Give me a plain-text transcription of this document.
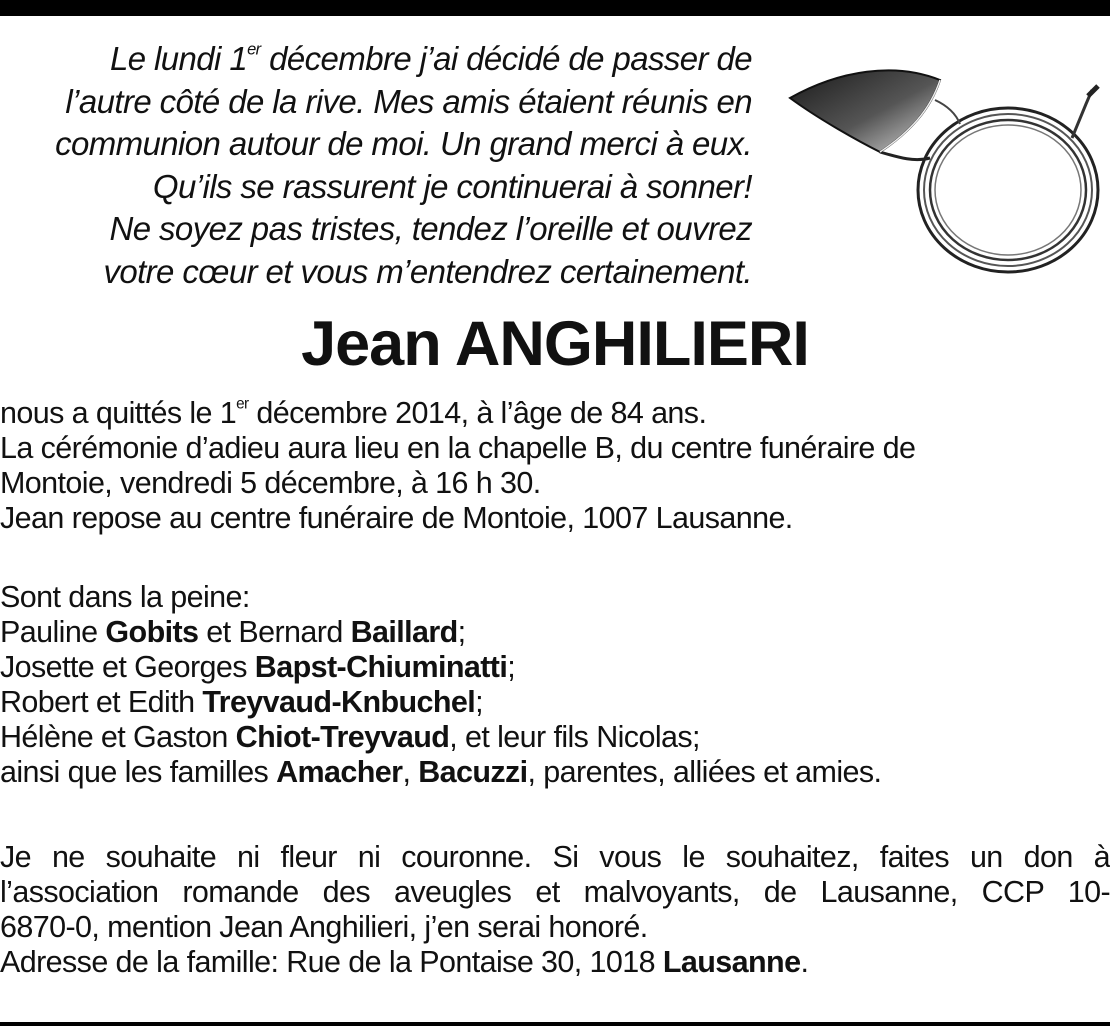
Le lundi 1er décembre j’ai décidé de passer de
l’autre côté de la rive. Mes amis étaient réunis en
communion autour de moi. Un grand merci à eux.
Qu’ils se rassurent je continuerai à sonner!
Ne soyez pas tristes, tendez l’oreille et ouvrez
votre cœur et vous m’entendrez certainement.
Jean ANGHILIERI
nous a quittés le 1er décembre 2014, à l’âge de 84 ans.
La cérémonie d’adieu aura lieu en la chapelle B, du centre funéraire de
Montoie, vendredi 5 décembre, à 16 h 30.
Jean repose au centre funéraire de Montoie, 1007 Lausanne.
Sont dans la peine:
Pauline Gobits et Bernard Baillard;
Josette et Georges Bapst-Chiuminatti;
Robert et Edith Treyvaud-Knbuchel;
Hélène et Gaston Chiot-Treyvaud, et leur fils Nicolas;
ainsi que les familles Amacher, Bacuzzi, parentes, alliées et amies.
Je ne souhaite ni fleur ni couronne. Si vous le souhaitez, faites un don à
l’association romande des aveugles et malvoyants, de Lausanne, CCP 10-
6870-0, mention Jean Anghilieri, j’en serai honoré.
Adresse de la famille: Rue de la Pontaise 30, 1018 Lausanne.
